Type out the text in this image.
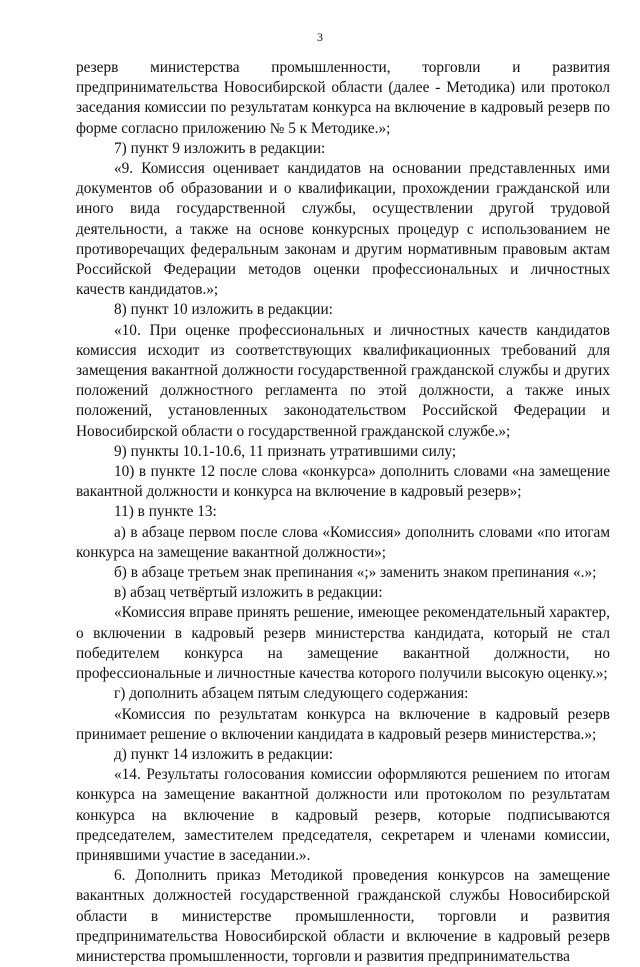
3

резерв министерства промышленности, торговли и развития предпринимательства Новосибирской области (далее - Методика) или протокол заседания комиссии по результатам конкурса на включение в кадровый резерв по форме согласно приложению № 5 к Методике.»;

7) пункт 9 изложить в редакции:

«9. Комиссия оценивает кандидатов на основании представленных ими документов об образовании и о квалификации, прохождении гражданской или иного вида государственной службы, осуществлении другой трудовой деятельности, а также на основе конкурсных процедур с использованием не противоречащих федеральным законам и другим нормативным правовым актам Российской Федерации методов оценки профессиональных и личностных качеств кандидатов.»;

8) пункт 10 изложить в редакции:

«10. При оценке профессиональных и личностных качеств кандидатов комиссия исходит из соответствующих квалификационных требований для замещения вакантной должности государственной гражданской службы и других положений должностного регламента по этой должности, а также иных положений, установленных законодательством Российской Федерации и Новосибирской области о государственной гражданской службе.»;

9) пункты 10.1-10.6, 11 признать утратившими силу;

10) в пункте 12 после слова «конкурса» дополнить словами «на замещение вакантной должности и конкурса на включение в кадровый резерв»;

11) в пункте 13:

а) в абзаце первом после слова «Комиссия» дополнить словами «по итогам конкурса на замещение вакантной должности»;

б) в абзаце третьем знак препинания «;» заменить знаком препинания «.»;

в) абзац четвёртый изложить в редакции:

«Комиссия вправе принять решение, имеющее рекомендательный характер, о включении в кадровый резерв министерства кандидата, который не стал победителем конкурса на замещение вакантной должности, но профессиональные и личностные качества которого получили высокую оценку.»;

г) дополнить абзацем пятым следующего содержания:

«Комиссия по результатам конкурса на включение в кадровый резерв принимает решение о включении кандидата в кадровый резерв министерства.»;

д) пункт 14 изложить в редакции:

«14. Результаты голосования комиссии оформляются решением по итогам конкурса на замещение вакантной должности или протоколом по результатам конкурса на включение в кадровый резерв, которые подписываются председателем, заместителем председателя, секретарем и членами комиссии, принявшими участие в заседании.».

6. Дополнить приказ Методикой проведения конкурсов на замещение вакантных должностей государственной гражданской службы Новосибирской области в министерстве промышленности, торговли и развития предпринимательства Новосибирской области и включение в кадровый резерв министерства промышленности, торговли и развития предпринимательства
